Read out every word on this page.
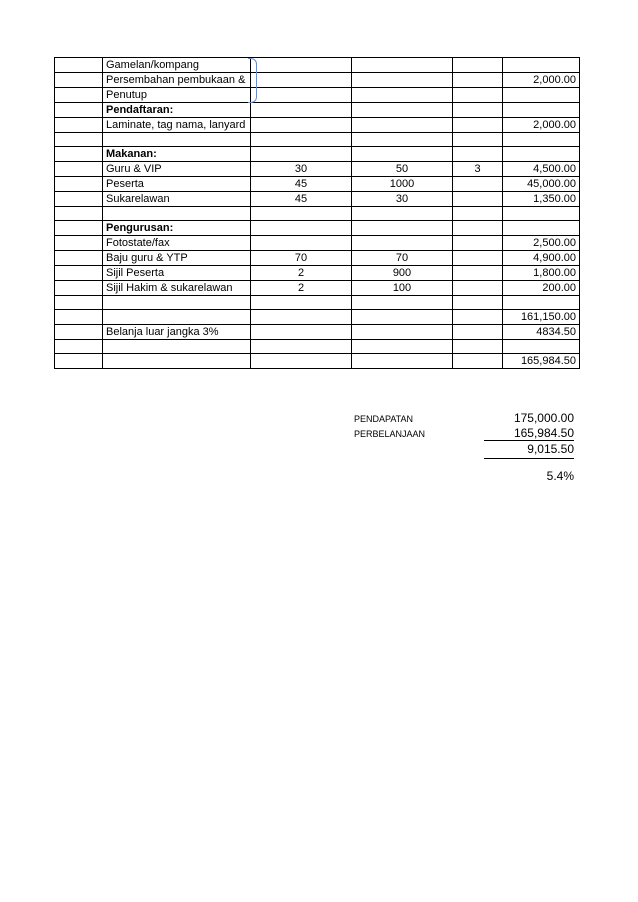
	Gamelan/kompang				
	Persembahan pembukaan &				2,000.00
	Penutup				
	Pendaftaran:				
	Laminate, tag nama, lanyard				2,000.00

	Makanan:				
	Guru & VIP	30	50	3	4,500.00
	Peserta	45	1000		45,000.00
	Sukarelawan	45	30		1,350.00

	Pengurusan:				
	Fotostate/fax				2,500.00
	Baju guru & YTP	70	70		4,900.00
	Sijil Peserta	2	900		1,800.00
	Sijil Hakim & sukarelawan	2	100		200.00

					161,150.00
	Belanja luar jangka 3%				4834.50

					165,984.50
PENDAPATAN	175,000.00
PERBELANJAAN	165,984.50
9,015.50
5.4%
